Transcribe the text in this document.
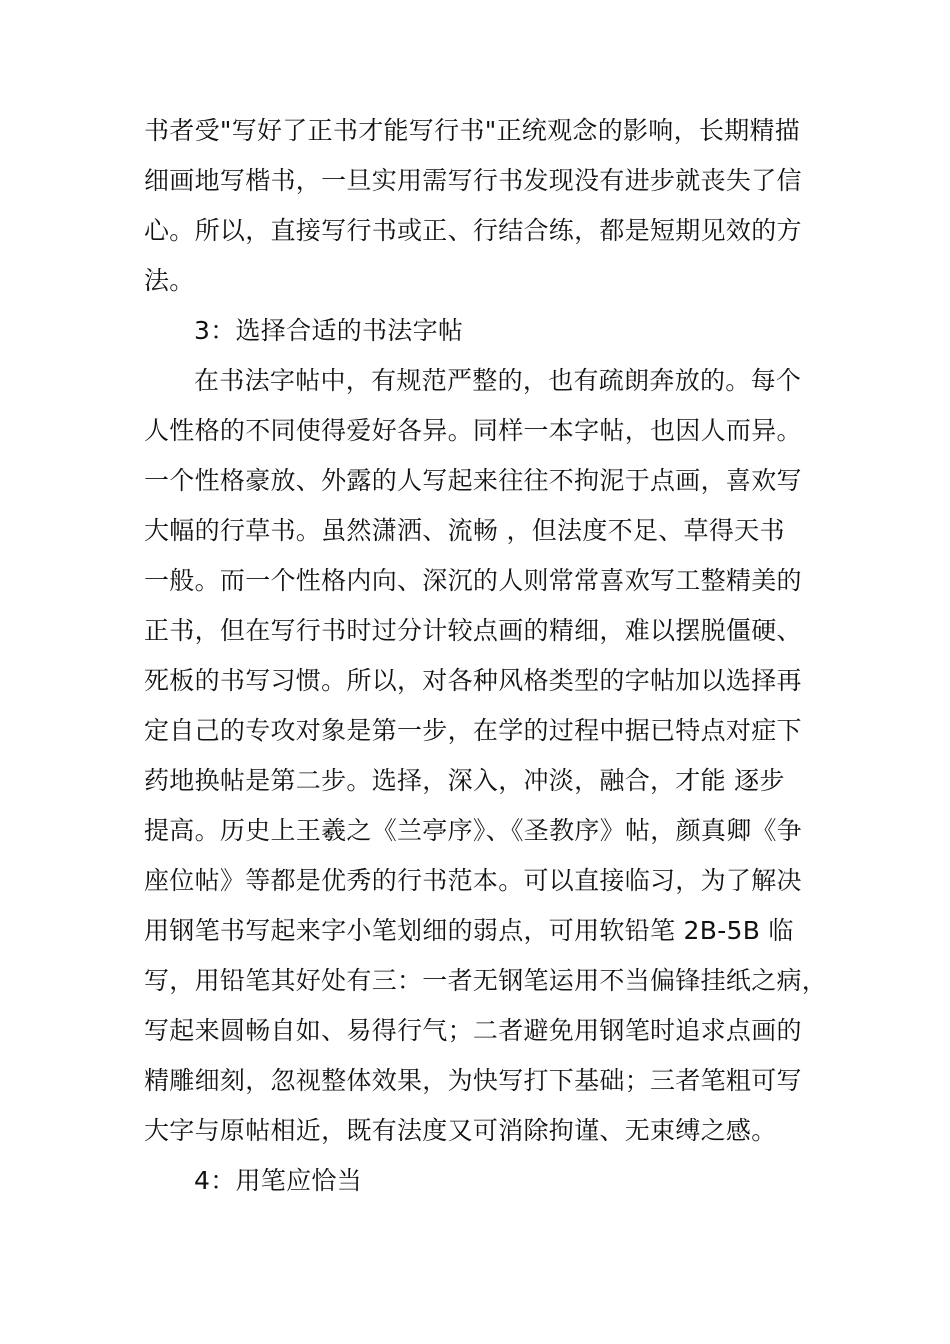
书者受"写好了正书才能写行书"正统观念的影响，长期精描
细画地写楷书，一旦实用需写行书发现没有进步就丧失了信
心。所以，直接写行书或正、行结合练，都是短期见效的方
法。
3：选择合适的书法字帖
在书法字帖中，有规范严整的，也有疏朗奔放的。每个
人性格的不同使得爱好各异。同样一本字帖，也因人而异。
一个性格豪放、外露的人写起来往往不拘泥于点画，喜欢写
大幅的行草书。虽然潇洒、流畅 ，但法度不足、草得天书
一般。而一个性格内向、深沉的人则常常喜欢写工整精美的
正书，但在写行书时过分计较点画的精细，难以摆脱僵硬、
死板的书写习惯。所以，对各种风格类型的字帖加以选择再
定自己的专攻对象是第一步，在学的过程中据已特点对症下
药地换帖是第二步。选择，深入，冲淡，融合，才能 逐步
提高。历史上王羲之《兰亭序》、《圣教序》帖，颜真卿《争
座位帖》等都是优秀的行书范本。可以直接临习，为了解决
用钢笔书写起来字小笔划细的弱点，可用软铅笔 2B-5B 临
写，用铅笔其好处有三：一者无钢笔运用不当偏锋挂纸之病，
写起来圆畅自如、易得行气；二者避免用钢笔时追求点画的
精雕细刻，忽视整体效果，为快写打下基础；三者笔粗可写
大字与原帖相近，既有法度又可消除拘谨、无束缚之感。
4：用笔应恰当
